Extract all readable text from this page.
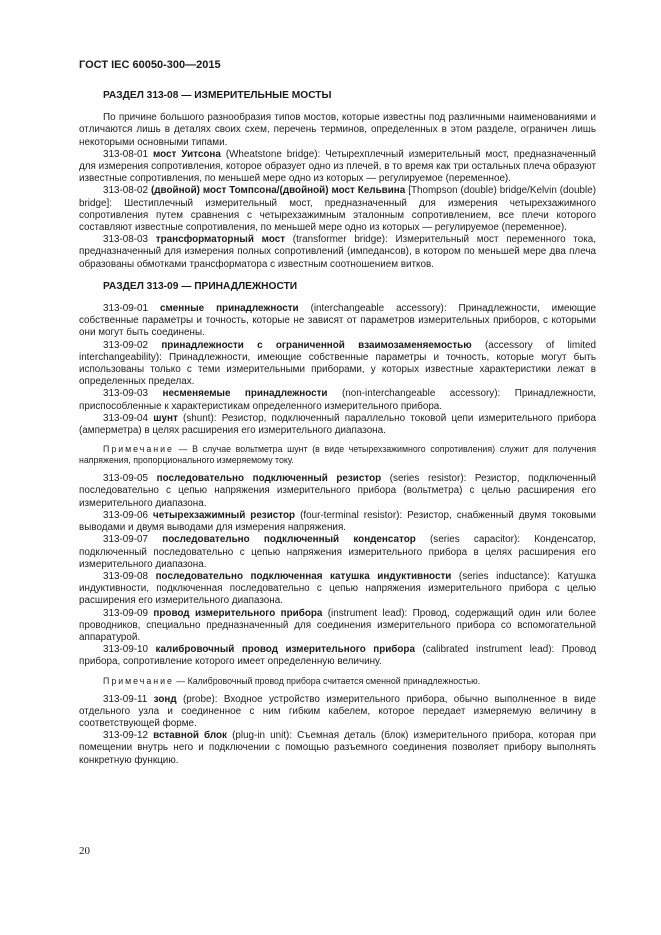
ГОСТ IEC 60050-300—2015

РАЗДЕЛ 313-08 — ИЗМЕРИТЕЛЬНЫЕ МОСТЫ

По причине большого разнообразия типов мостов, которые известны под различными наименованиями и отличаются лишь в деталях своих схем, перечень терминов, определенных в этом разделе, ограничен лишь некоторыми основными типами.

313-08-01 мост Уитсона (Wheatstone bridge): Четырехплечный измерительный мост, предназначенный для измерения сопротивления, которое образует одно из плечей, в то время как три остальных плеча образуют известные сопротивления, по меньшей мере одно из которых — регулируемое (переменное).

313-08-02 (двойной) мост Томпсона/(двойной) мост Кельвина [Thompson (double) bridge/Kelvin (double) bridge]: Шестиплечный измерительный мост, предназначенный для измерения четырехзажимного сопротивления путем сравнения с четырехзажимным эталонным сопротивлением, все плечи которого составляют известные сопротивления, по меньшей мере одно из которых — регулируемое (переменное).

313-08-03 трансформаторный мост (transformer bridge): Измерительный мост переменного тока, предназначенный для измерения полных сопротивлений (импедансов), в котором по меньшей мере два плеча образованы обмотками трансформатора с известным соотношением витков.

РАЗДЕЛ 313-09 — ПРИНАДЛЕЖНОСТИ

313-09-01 сменные принадлежности (interchangeable accessory): Принадлежности, имеющие собственные параметры и точность, которые не зависят от параметров измерительных приборов, с которыми они могут быть соединены.

313-09-02 принадлежности с ограниченной взаимозаменяемостью (accessory of limited interchangeability): Принадлежности, имеющие собственные параметры и точность, которые могут быть использованы только с теми измерительными приборами, у которых известные характеристики лежат в определенных пределах.

313-09-03 несменяемые принадлежности (non-interchangeable accessory): Принадлежности, приспособленные к характеристикам определенного измерительного прибора.

313-09-04 шунт (shunt): Резистор, подключенный параллельно токовой цепи измерительного прибора (амперметра) в целях расширения его измерительного диапазона.

Примечание — В случае вольтметра шунт (в виде четырехзажимного сопротивления) служит для получения напряжения, пропорционального измеряемому току.

313-09-05 последовательно подключенный резистор (series resistor): Резистор, подключенный последовательно с цепью напряжения измерительного прибора (вольтметра) с целью расширения его измерительного диапазона.

313-09-06 четырехзажимный резистор (four-terminal resistor): Резистор, снабженный двумя токовыми выводами и двумя выводами для измерения напряжения.

313-09-07 последовательно подключенный конденсатор (series capacitor): Конденсатор, подключенный последовательно с цепью напряжения измерительного прибора в целях расширения его измерительного диапазона.

313-09-08 последовательно подключенная катушка индуктивности (series inductance): Катушка индуктивности, подключенная последовательно с цепью напряжения измерительного прибора с целью расширения его измерительного диапазона.

313-09-09 провод измерительного прибора (instrument lead): Провод, содержащий один или более проводников, специально предназначенный для соединения измерительного прибора со вспомогательной аппаратурой.

313-09-10 калибровочный провод измерительного прибора (calibrated instrument lead): Провод прибора, сопротивление которого имеет определенную величину.

Примечание — Калибровочный провод прибора считается сменной принадлежностью.

313-09-11 зонд (probe): Входное устройство измерительного прибора, обычно выполненное в виде отдельного узла и соединенное с ним гибким кабелем, которое передает измеряемую величину в соответствующей форме.

313-09-12 вставной блок (plug-in unit): Съемная деталь (блок) измерительного прибора, которая при помещении внутрь него и подключении с помощью разъемного соединения позволяет прибору выполнять конкретную функцию.

20
